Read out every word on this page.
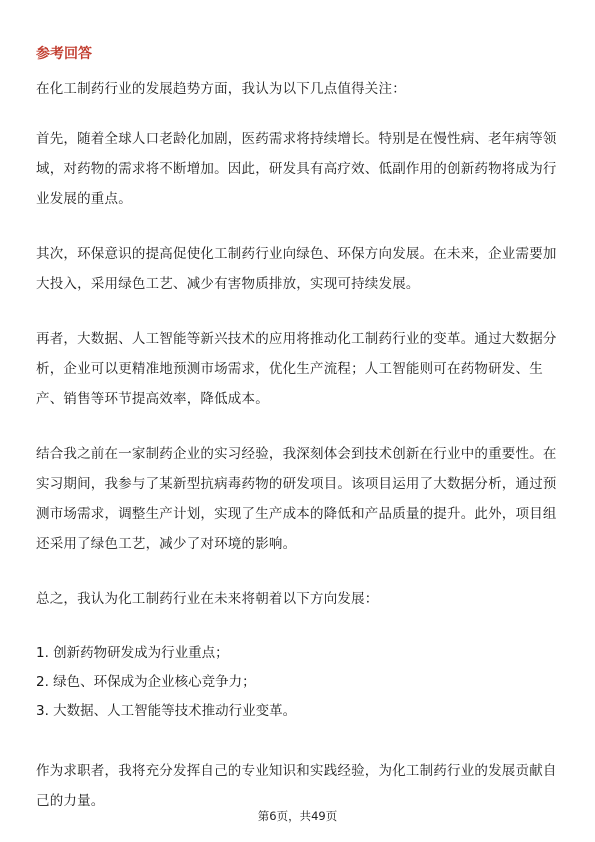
参考回答

在化工制药行业的发展趋势方面，我认为以下几点值得关注：

首先，随着全球人口老龄化加剧，医药需求将持续增长。特别是在慢性病、老年病等领域，对药物的需求将不断增加。因此，研发具有高疗效、低副作用的创新药物将成为行业发展的重点。

其次，环保意识的提高促使化工制药行业向绿色、环保方向发展。在未来，企业需要加大投入，采用绿色工艺、减少有害物质排放，实现可持续发展。

再者，大数据、人工智能等新兴技术的应用将推动化工制药行业的变革。通过大数据分析，企业可以更精准地预测市场需求，优化生产流程；人工智能则可在药物研发、生产、销售等环节提高效率，降低成本。

结合我之前在一家制药企业的实习经验，我深刻体会到技术创新在行业中的重要性。在实习期间，我参与了某新型抗病毒药物的研发项目。该项目运用了大数据分析，通过预测市场需求，调整生产计划，实现了生产成本的降低和产品质量的提升。此外，项目组还采用了绿色工艺，减少了对环境的影响。

总之，我认为化工制药行业在未来将朝着以下方向发展：

1. 创新药物研发成为行业重点；
2. 绿色、环保成为企业核心竞争力；
3. 大数据、人工智能等技术推动行业变革。

作为求职者，我将充分发挥自己的专业知识和实践经验，为化工制药行业的发展贡献自己的力量。

第6页，共49页
